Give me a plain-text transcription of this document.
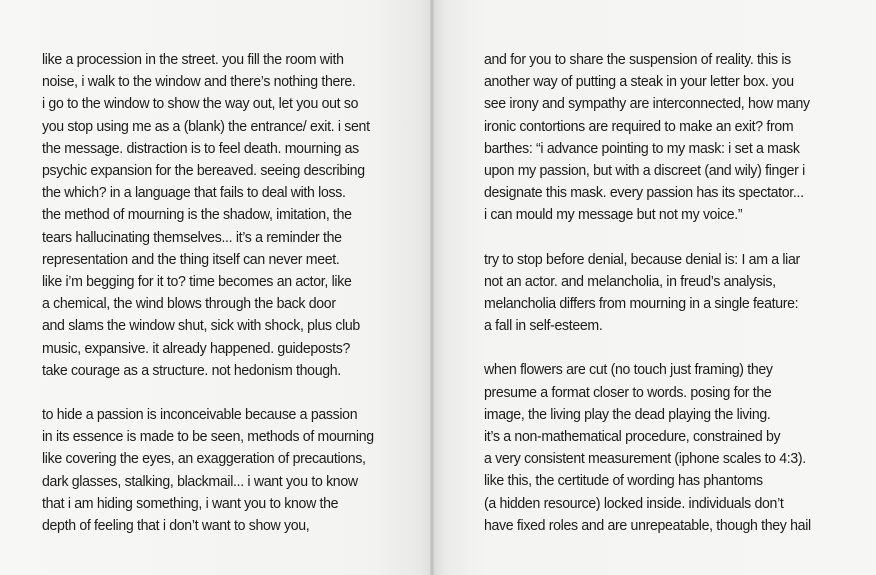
like a procession in the street. you fill the room with
noise, i walk to the window and there’s nothing there.
i go to the window to show the way out, let you out so
you stop using me as a (blank) the entrance/ exit. i sent
the message. distraction is to feel death. mourning as
psychic expansion for the bereaved. seeing describing
the which? in a language that fails to deal with loss.
the method of mourning is the shadow, imitation, the
tears hallucinating themselves... it’s a reminder the
representation and the thing itself can never meet.
like i’m begging for it to? time becomes an actor, like
a chemical, the wind blows through the back door
and slams the window shut, sick with shock, plus club
music, expansive. it already happened. guideposts?
take courage as a structure. not hedonism though.
to hide a passion is inconceivable because a passion
in its essence is made to be seen, methods of mourning
like covering the eyes, an exaggeration of precautions,
dark glasses, stalking, blackmail... i want you to know
that i am hiding something, i want you to know the
depth of feeling that i don’t want to show you,
and for you to share the suspension of reality. this is
another way of putting a steak in your letter box. you
see irony and sympathy are interconnected, how many
ironic contortions are required to make an exit? from
barthes: “i advance pointing to my mask: i set a mask
upon my passion, but with a discreet (and wily) finger i
designate this mask. every passion has its spectator...
i can mould my message but not my voice.”
try to stop before denial, because denial is: I am a liar
not an actor. and melancholia, in freud’s analysis,
melancholia differs from mourning in a single feature:
a fall in self-esteem.
when flowers are cut (no touch just framing) they
presume a format closer to words. posing for the
image, the living play the dead playing the living.
it’s a non-mathematical procedure, constrained by
a very consistent measurement (iphone scales to 4:3).
like this, the certitude of wording has phantoms
(a hidden resource) locked inside. individuals don’t
have fixed roles and are unrepeatable, though they hail
